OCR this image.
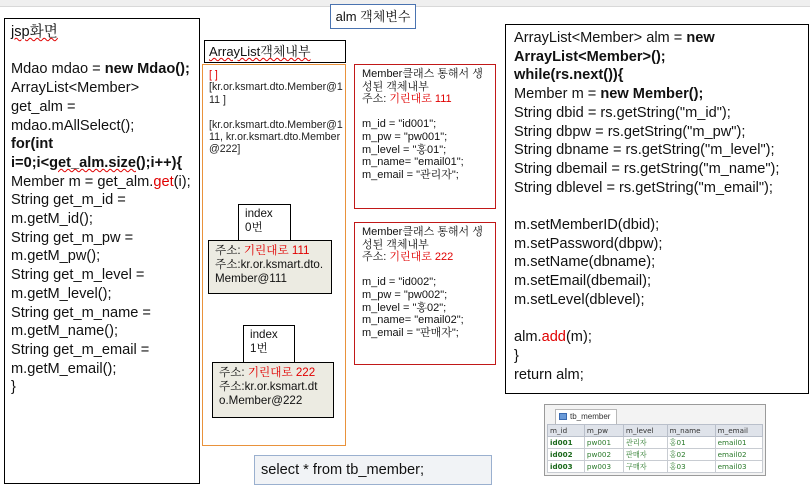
alm 객체변수
jsp화면
Mdao mdao = new Mdao();
ArrayList<Member> get_alm = mdao.mAllSelect();
for(int i=0;i<get_alm.size();i++){
Member m = get_alm.get(i);
String get_m_id = m.getM_id();
String get_m_pw = m.getM_pw();
String get_m_level = m.getM_level();
String get_m_name = m.getM_name();
String get_m_email = m.getM_email();
}
ArrayList객체내부
[ ]
[kr.or.ksmart.dto.Member@111 ]
[kr.or.ksmart.dto.Member@111, kr.or.ksmart.dto.Member@222]
index
0번
주소: 기린대로 111
주소:kr.or.ksmart.dto.Member@111
index
1번
주소: 기린대로 222
주소:kr.or.ksmart.dto.Member@222
Member클래스 통해서 생성된 객체내부
주소: 기린대로 111
m_id = "id001";
m_pw = "pw001";
m_level = "홍01";
m_name= "email01";
m_email = "관리자";
Member클래스 통해서 생성된 객체내부
주소: 기린대로 222
m_id = "id002";
m_pw = "pw002";
m_level = "홍02";
m_name= "email02";
m_email = "판매자";
ArrayList<Member> alm = new ArrayList<Member>();
while(rs.next()){
Member m = new Member();
String dbid = rs.getString("m_id");
String dbpw = rs.getString("m_pw");
String dbname = rs.getString("m_level");
String dbemail = rs.getString("m_name");
String dblevel = rs.getString("m_email");
m.setMemberID(dbid);
m.setPassword(dbpw);
m.setName(dbname);
m.setEmail(dbemail);
m.setLevel(dblevel);
alm.add(m);
}
return alm;
select * from tb_member;
tb_member
m_id	m_pw	m_level	m_name	m_email
id001	pw001	관리자	홍01	email01
id002	pw002	판매자	홍02	email02
id003	pw003	구매자	홍03	email03
